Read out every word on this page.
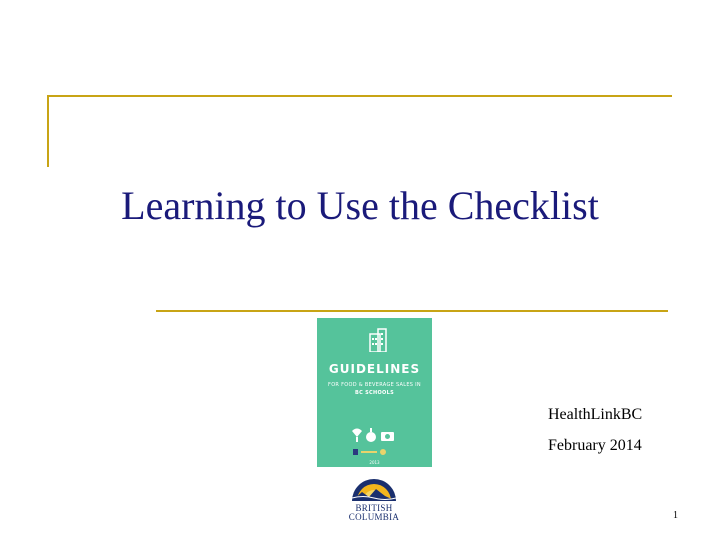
Learning to Use the Checklist
GUIDELINES
FOR FOOD & BEVERAGE SALES IN
BC SCHOOLS
2013
HealthLinkBC
February 2014
BRITISH
COLUMBIA	1
